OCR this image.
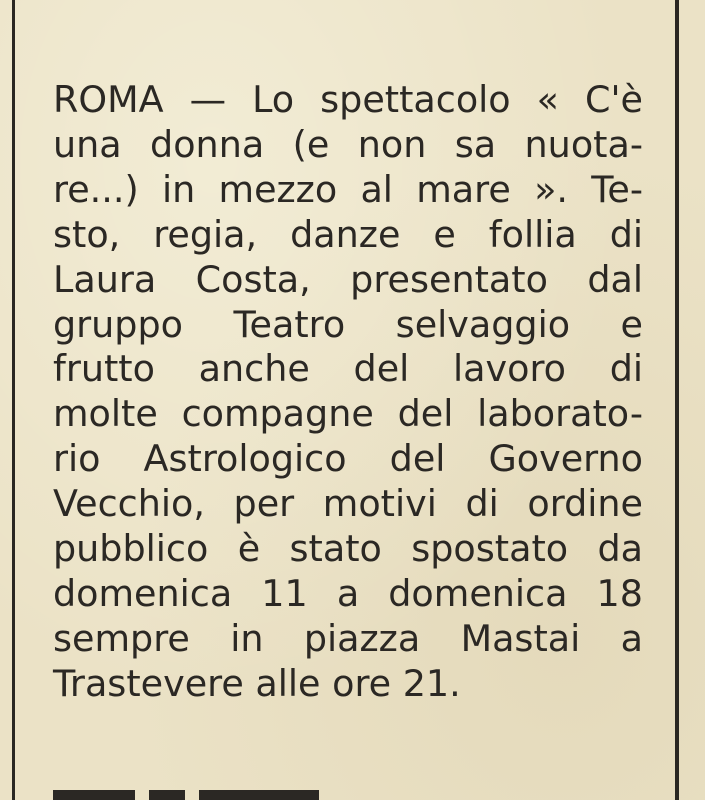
ROMA — Lo spettacolo « C'è
una donna (e non sa nuota-
re...) in mezzo al mare ». Te-
sto, regia, danze e follia di
Laura Costa, presentato dal
gruppo Teatro selvaggio e
frutto anche del lavoro di
molte compagne del laborato-
rio Astrologico del Governo
Vecchio, per motivi di ordine
pubblico è stato spostato da
domenica 11 a domenica 18
sempre in piazza Mastai a
Trastevere alle ore 21.
